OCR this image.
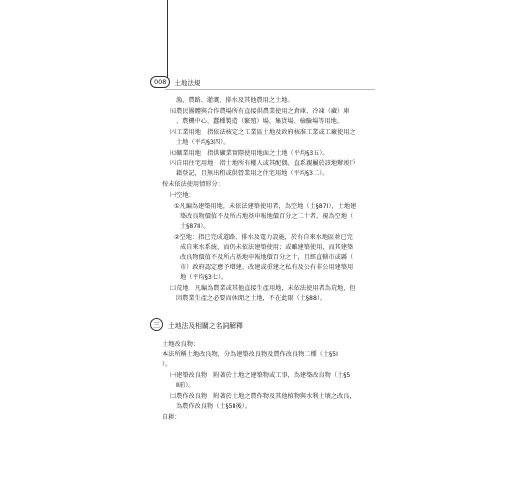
008	土地法規
三	土地法及相關之名詞解釋
漁、農路、灌溉、排水及其他農用之土地。
㈤農民團體與合作農場所有直接供農業使用之倉庫、冷凍（藏）庫
、農機中心、蠶種製造（繁殖）場、集貨場、檢驗場等用地。
㈥工業用地　指依法核定之工業區土地及政府核准工業或工廠使用之
土地（平均§3四）。
㈦礦業用地　指供礦業實際使用地面之土地（平均§3五）。
㈧自用住宅用地　指土地所有權人或其配偶、直系親屬於該地辦竣戶
籍登記，且無出租或供營業用之住宅用地（平均§3二）。
按未依法使用情形分：
㈠空地：
①凡編為建築用地，未依法建築使用者，為空地（土§87Ⅰ），土地建
築改良物價值不及所占地基申報地價百分之二十者，視為空地（
土§87Ⅱ）。
②空地：指已完成道路、排水及電力設施，於有自來水地區並已完
成自來水系統，而仍未依法建築使用；或雖建築使用，而其建築
改良物價值不及所占基地申報地價百分之十，且經直轄市或縣（
市）政府認定應予增建、改建或重建之私有及公有非公用建築用
地（平均§3七）。
㈡荒地　凡編為農業或其他直接生產用地，未依法使用者為荒地，但
因農業生產之必要而休閒之土地，不在此限（土§88）。
土地改良物：
本法所稱土地改良物，分為建築改良物及農作改良物二種（土§5Ⅰ
）。
㈠建築改良物　附著於土地之建築物或工事，為建築改良物（土§5
Ⅱ前）。
㈡農作改良物　附著於土地之農作物及其他植物與水利土壤之改良，
為農作改良物（土§5Ⅱ後）。
自耕：
